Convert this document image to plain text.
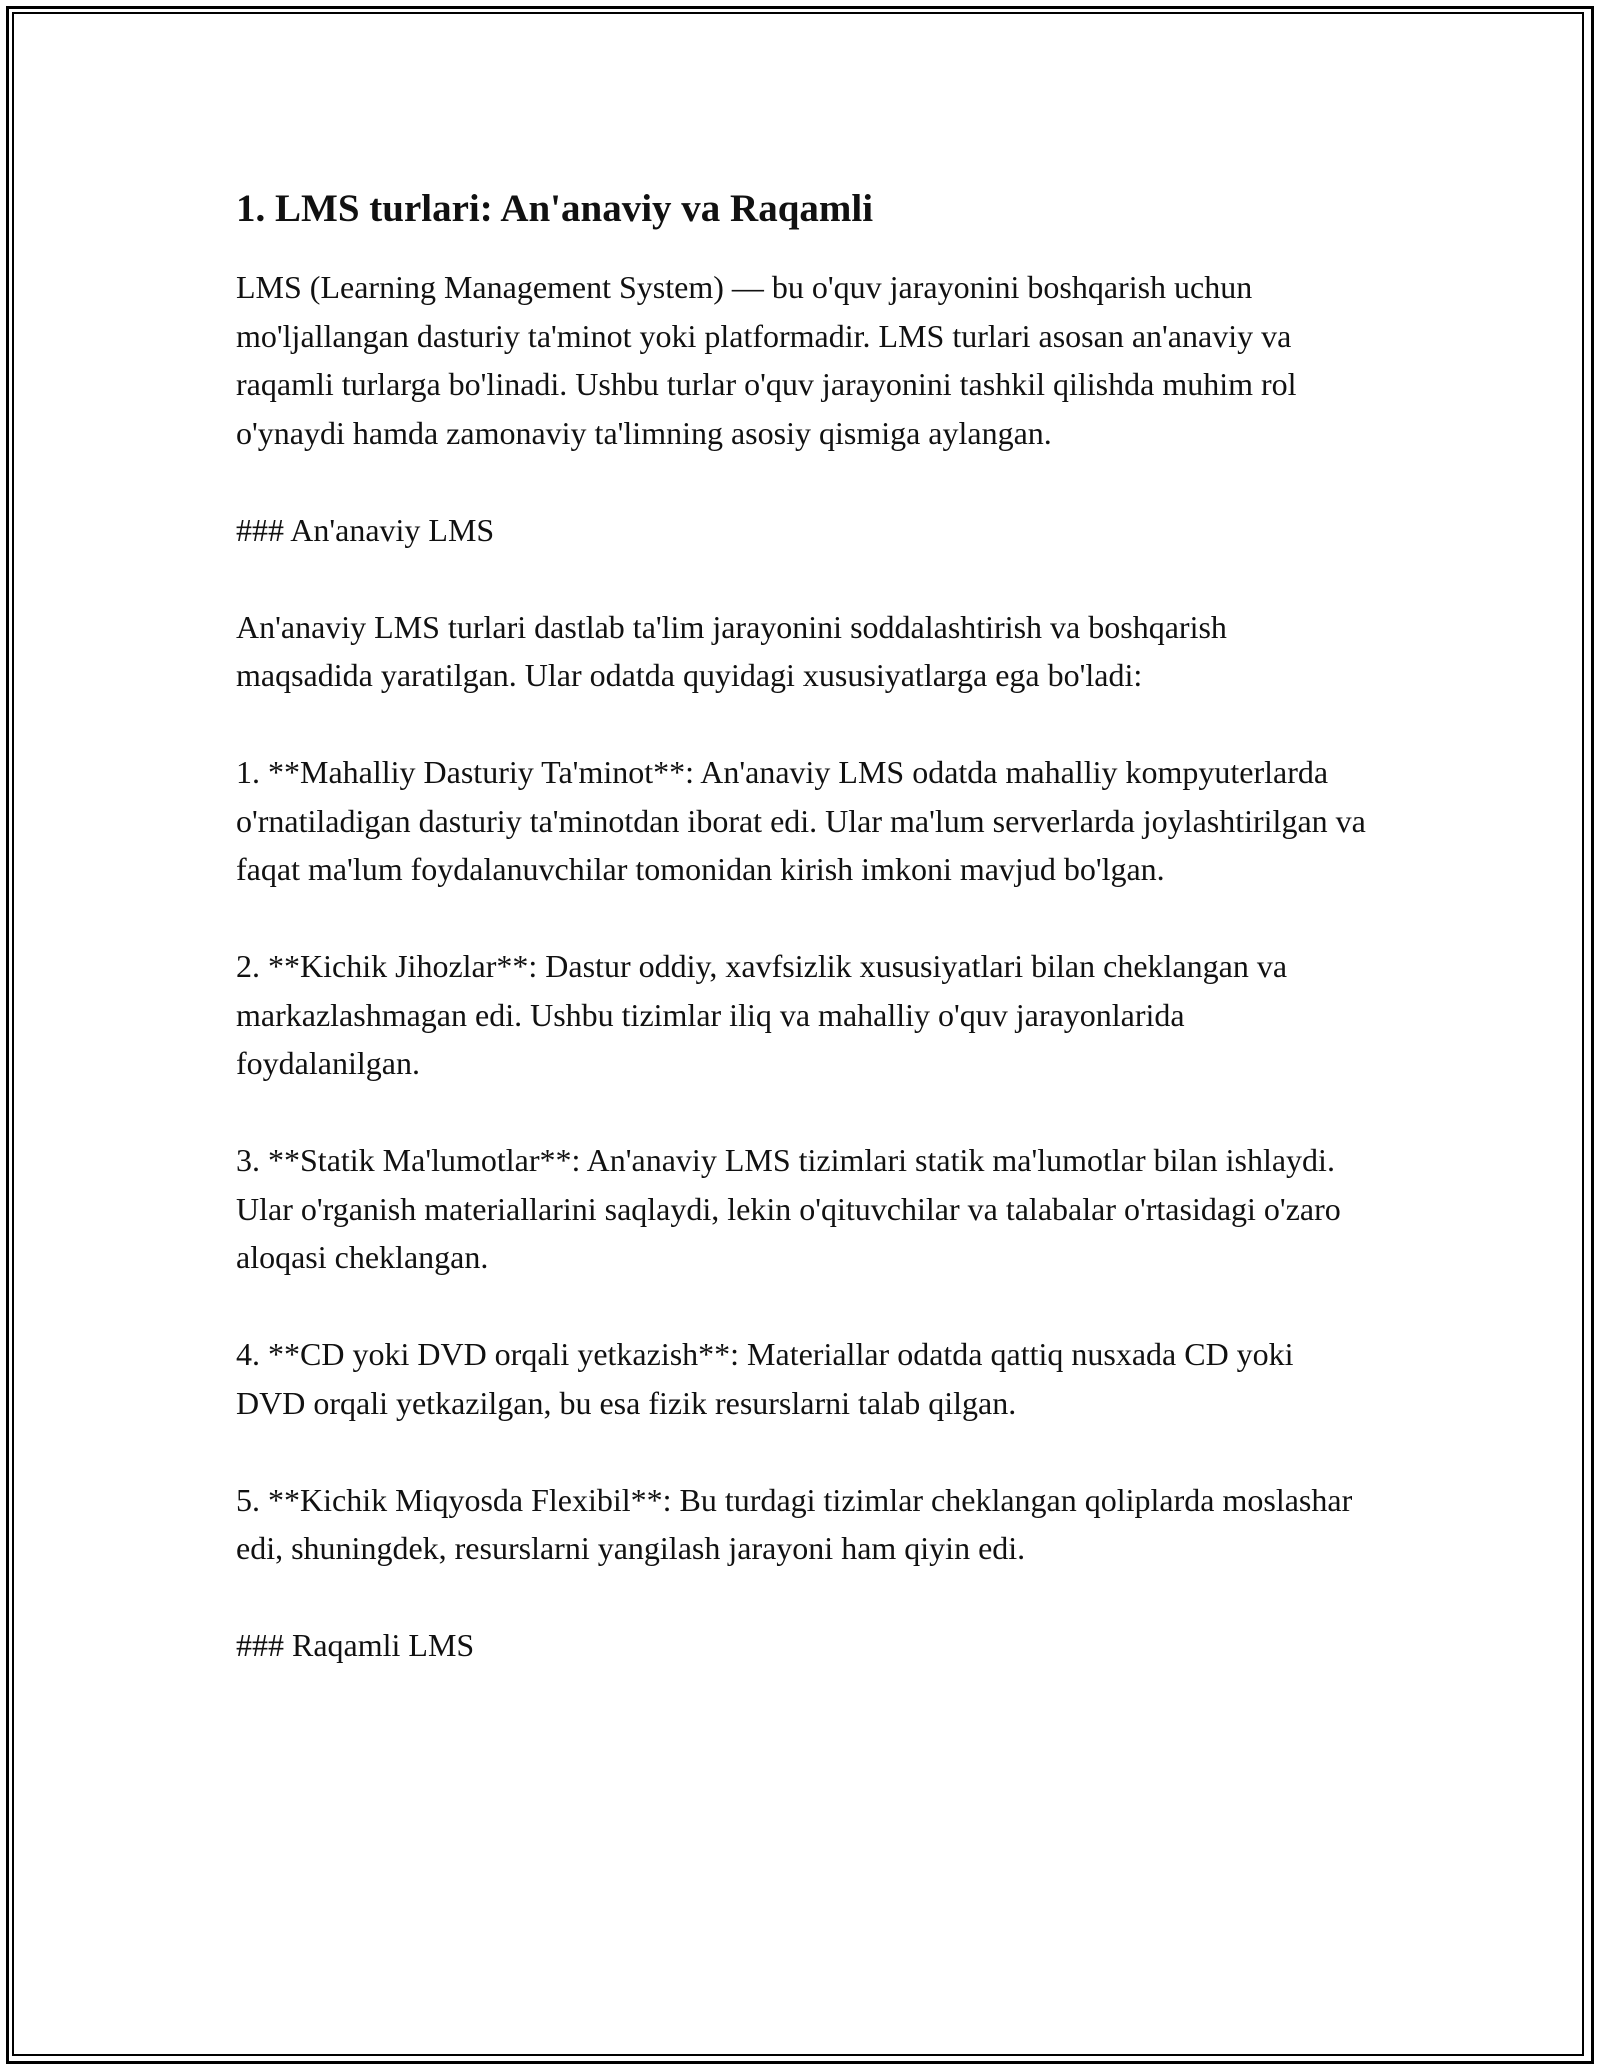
1. LMS turlari: An'anaviy va Raqamli

LMS (Learning Management System) — bu o'quv jarayonini boshqarish uchun mo'ljallangan dasturiy ta'minot yoki platformadir. LMS turlari asosan an'anaviy va raqamli turlarga bo'linadi. Ushbu turlar o'quv jarayonini tashkil qilishda muhim rol o'ynaydi hamda zamonaviy ta'limning asosiy qismiga aylangan.

### An'anaviy LMS

An'anaviy LMS turlari dastlab ta'lim jarayonini soddalashtirish va boshqarish maqsadida yaratilgan. Ular odatda quyidagi xususiyatlarga ega bo'ladi:

1. **Mahalliy Dasturiy Ta'minot**: An'anaviy LMS odatda mahalliy kompyuterlarda o'rnatiladigan dasturiy ta'minotdan iborat edi. Ular ma'lum serverlarda joylashtirilgan va faqat ma'lum foydalanuvchilar tomonidan kirish imkoni mavjud bo'lgan.

2. **Kichik Jihozlar**: Dastur oddiy, xavfsizlik xususiyatlari bilan cheklangan va markazlashmagan edi. Ushbu tizimlar iliq va mahalliy o'quv jarayonlarida foydalanilgan.

3. **Statik Ma'lumotlar**: An'anaviy LMS tizimlari statik ma'lumotlar bilan ishlaydi. Ular o'rganish materiallarini saqlaydi, lekin o'qituvchilar va talabalar o'rtasidagi o'zaro aloqasi cheklangan.

4. **CD yoki DVD orqali yetkazish**: Materiallar odatda qattiq nusxada CD yoki DVD orqali yetkazilgan, bu esa fizik resurslarni talab qilgan.

5. **Kichik Miqyosda Flexibil**: Bu turdagi tizimlar cheklangan qoliplarda moslashar edi, shuningdek, resurslarni yangilash jarayoni ham qiyin edi.

### Raqamli LMS
